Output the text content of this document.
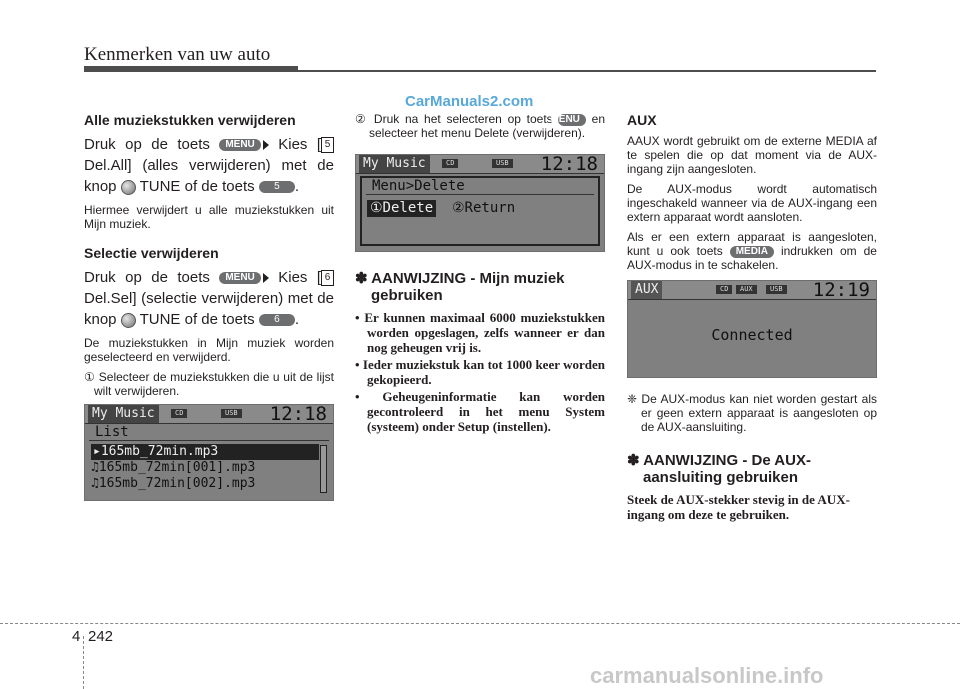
Kenmerken van uw auto
CarManuals2.com
Alle muziekstukken verwijderen

Druk op de toets MENU Kies [ 5 Del.All] (alles verwijderen) met de knop TUNE of de toets 5 .

Hiermee verwijdert u alle muziekstukken uit Mijn muziek.

Selectie verwijderen

Druk op de toets MENU Kies [ 6 Del.Sel] (selectie verwijderen) met de knop TUNE of de toets 6 .

De muziekstukken in Mijn muziek worden geselecteerd en verwijderd.

① Selecteer de muziekstukken die u uit de lijst wilt verwijderen.

My Music	CD	USB 12:18
List
▸165mb_72min.mp3
♫165mb_72min[001].mp3
♫165mb_72min[002].mp3

② Druk na het selecteren op toets MENU en selecteer het menu Delete (verwijderen).

My Music	CD	USB 12:18
Menu>Delete
①Delete ②Return
✽ AANWIJZING - Mijn muziek gebruiken

• Er kunnen maximaal 6000 muziekstukken worden opgeslagen, zelfs wanneer er dan nog geheugen vrij is.

• Ieder muziekstuk kan tot 1000 keer worden gekopieerd.

• Geheugeninformatie kan worden gecontroleerd in het menu System (systeem) onder Setup (instellen).

AUX

AAUX wordt gebruikt om de externe MEDIA af te spelen die op dat moment via de AUX-ingang zijn aangesloten.

De AUX-modus wordt automatisch ingeschakeld wanneer via de AUX-ingang een extern apparaat wordt aansloten.

Als er een extern apparaat is aangesloten, kunt u ook toets MEDIA indrukken om de AUX-modus in te schakelen.

AUX	CD	AUX	USB 12:19
Connected

❈ De AUX-modus kan niet worden gestart als er geen extern apparaat is aangesloten op de AUX-aansluiting.

✽ AANWIJZING - De AUX-aansluiting gebruiken

Steek de AUX-stekker stevig in de AUX-ingang om deze te gebruiken.

4 242
carmanualsonline.info
